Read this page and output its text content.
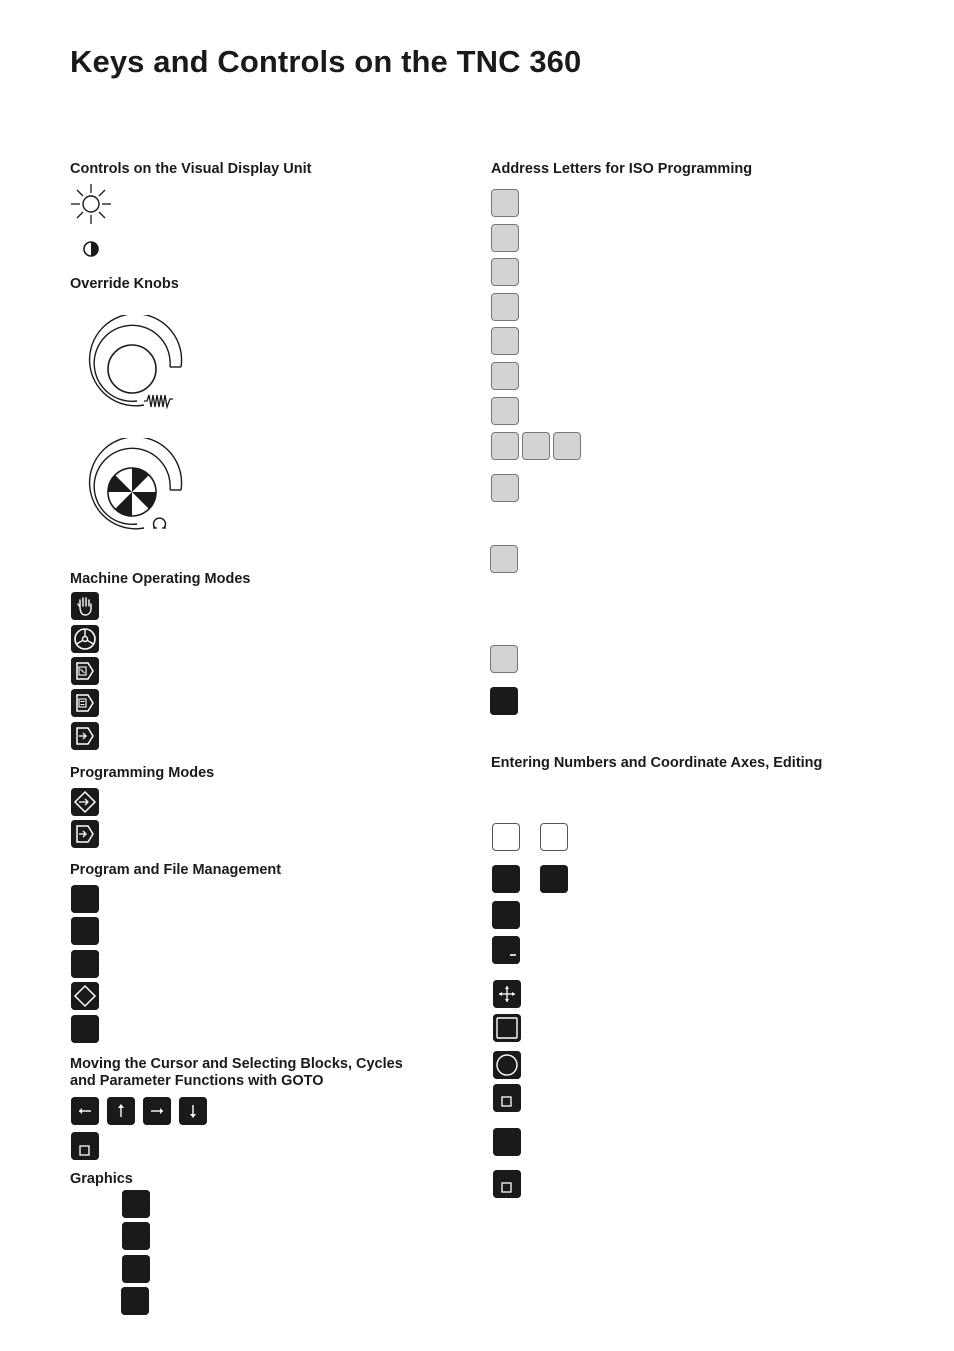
Keys and Controls on the TNC 360
Controls on the Visual Display Unit
Override Knobs
Machine Operating Modes
Programming Modes
Program and File Management
Moving the Cursor and Selecting Blocks, Cycles
and Parameter Functions with GOTO
Graphics
Address Letters for ISO Programming
Entering Numbers and Coordinate Axes, Editing
